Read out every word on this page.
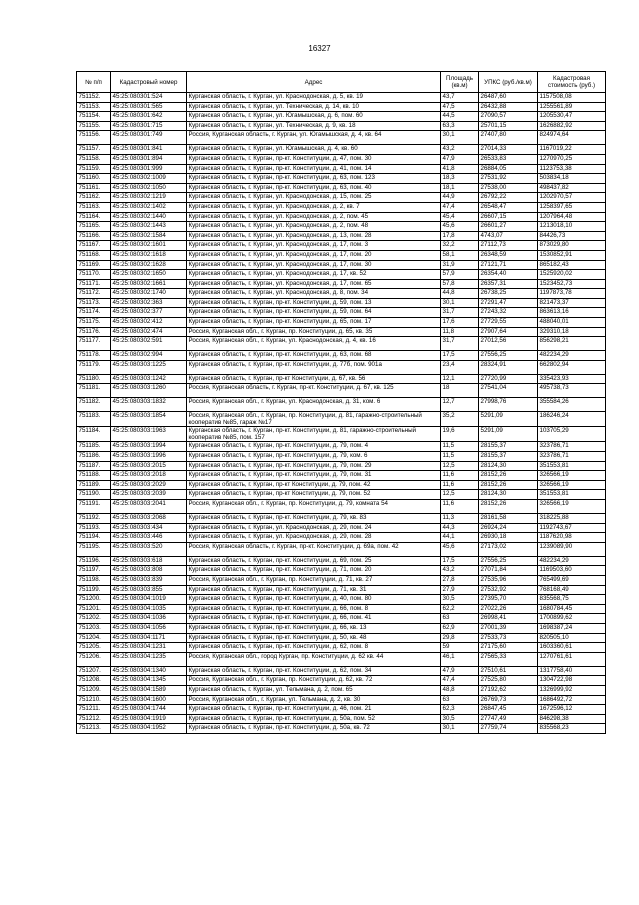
16327
№ п/п	Кадастровый номер	Адрес	Площадь (кв.м)	УПКС (руб./кв.м)	Кадастровая стоимость (руб.)
751152.	45:25:080301:524	Курганская область, г. Курган, ул. Краснодонская, д. 5, кв. 19	43,7	26487,60	1157508,08
751153.	45:25:080301:565	Курганская область, г. Курган, ул. Техническая, д. 14, кв. 10	47,5	26432,88	1255561,89
751154.	45:25:080301:642	Курганская область, г. Курган, ул. Югамышская, д. 6, пом. 60	44,5	27090,57	1205530,47
751155.	45:25:080301:715	Курганская область, г. Курган, ул. Техническая, д. 9, кв. 18	63,3	25701,15	1626882,92
751156.	45:25:080301:749	Россия, Курганская область, г. Курган, ул. Югамышская, д. 4, кв. 64	30,1	27407,80	824974,64
751157.	45:25:080301:841	Курганская область, г. Курган, ул. Югамышская, д. 4, кв. 60	43,2	27014,33	1167019,22
751158.	45:25:080301:894	Курганская область, г. Курган, пр-кт. Конституции, д. 47, пом. 30	47,9	26533,83	1270970,25
751159.	45:25:080301:999	Курганская область, г. Курган, пр-кт. Конституции, д. 41, пом. 14	41,8	26884,05	1123753,38
751160.	45:25:080302:1009	Курганская область, г. Курган, пр-кт. Конституции, д. 63, пом. 123	18,3	27531,92	503834,18
751161.	45:25:080302:1050	Курганская область, г. Курган, пр-кт. Конституции, д. 63, пом. 40	18,1	27538,00	498437,82
751162.	45:25:080302:1219	Курганская область, г. Курган, ул. Краснодонская, д. 15, пом. 25	44,9	26792,22	1202970,57
751163.	45:25:080302:1402	Курганская область, г. Курган, ул. Краснодонская, д. 2, кв. 7	47,4	26548,47	1258397,65
751164.	45:25:080302:1440	Курганская область, г. Курган, ул. Краснодонская, д. 2, пом. 45	45,4	26607,15	1207964,48
751165.	45:25:080302:1443	Курганская область, г. Курган, ул. Краснодонская, д. 2, пом. 48	45,6	26601,27	1213018,10
751166.	45:25:080302:1584	Курганская область, г. Курган, ул. Краснодонская, д. 13, пом. 28	17,8	4743,07	84426,73
751167.	45:25:080302:1601	Курганская область, г. Курган, ул. Краснодонская, д. 17, пом. 3	32,2	27112,73	873029,80
751168.	45:25:080302:1618	Курганская область, г. Курган, ул. Краснодонская, д. 17, пом. 20	58,1	26348,59	1530852,91
751169.	45:25:080302:1628	Курганская область, г. Курган, ул. Краснодонская, д. 17, пом. 30	31,9	27121,71	865182,43
751170.	45:25:080302:1650	Курганская область, г. Курган, ул. Краснодонская, д. 17, кв. 52	57,9	26354,40	1525920,02
751171.	45:25:080302:1661	Курганская область, г. Курган, ул. Краснодонская, д. 17, пом. 65	57,8	26357,31	1523452,73
751172.	45:25:080302:1740	Курганская область, г. Курган, ул. Краснодонская, д. 8, пом. 34	44,8	26738,25	1197873,78
751173.	45:25:080302:363	Курганская область, г. Курган, пр-кт. Конституции, д. 59, пом. 13	30,1	27291,47	821473,37
751174.	45:25:080302:377	Курганская область, г. Курган, пр-кт. Конституции, д. 59, пом. 64	31,7	27243,32	863613,16
751175.	45:25:080302:412	Курганская область, г. Курган, пр-кт. Конституции, д. 65, пом. 17	17,6	27729,55	488040,01
751176.	45:25:080302:474	Россия, Курганская обл., г. Курган, пр. Конституции, д. 65, кв. 35	11,8	27907,64	329310,18
751177.	45:25:080302:591	Россия, Курганская обл., г. Курган, ул. Краснодонская, д. 4, кв. 16	31,7	27012,56	856298,21
751178.	45:25:080302:994	Курганская область, г. Курган, пр-кт. Конституции, д. 63, пом. 68	17,5	27556,25	482234,29
751179.	45:25:080303:1225	Курганская область, г. Курган, пр-кт. Конституции, д. 77б, пом. 901а	23,4	28324,91	662802,94
751180.	45:25:080303:1242	Курганская область, г. Курган, пр-кт Конституции, д. 67, кв. 56	12,1	27720,99	335423,93
751181.	45:25:080303:1260	Россия, Курганская область, г. Курган, пр-кт. Конституции, д. 67, кв. 125	18	27541,04	495738,73
751182.	45:25:080303:1832	Россия, Курганская обл., г. Курган, ул. Краснодонская, д. 31, ком. 6	12,7	27998,76	355584,26
751183.	45:25:080303:1854	Россия, Курганская обл., г. Курган, пр. Конституции, д. 81, гаражно-строительный кооператив №85, гараж №17	35,2	5291,09	186246,24
751184.	45:25:080303:1963	Курганская область, г. Курган, пр-кт. Конституции, д. 81, гаражно-строительный кооператив №85, пом. 157	19,6	5291,09	103705,29
751185.	45:25:080303:1994	Курганская область, г. Курган, пр-кт. Конституции, д. 79, пом. 4	11,5	28155,37	323786,71
751186.	45:25:080303:1996	Курганская область, г. Курган, пр-кт. Конституции, д. 79, ком. 6	11,5	28155,37	323786,71
751187.	45:25:080303:2015	Курганская область, г. Курган, пр-кт. Конституции, д. 79, пом. 29	12,5	28124,30	351553,81
751188.	45:25:080303:2018	Курганская область, г. Курган, пр-кт. Конституции, д. 79, пом. 31	11,6	28152,26	326566,19
751189.	45:25:080303:2029	Курганская область, г. Курган, пр-кт Конституции, д. 79, пом. 42	11,6	28152,26	326566,19
751190.	45:25:080303:2039	Курганская область, г. Курган, пр-кт Конституции, д. 79, пом. 52	12,5	28124,30	351553,81
751191.	45:25:080303:2041	Россия, Курганская обл., г. Курган, пр. Конституции, д. 79, комната 54	11,6	28152,26	326566,19
751192.	45:25:080303:2068	Курганская область, г. Курган, пр-кт. Конституции, д. 79, кв. 83	11,3	28161,58	318225,88
751193.	45:25:080303:434	Курганская область, г. Курган, ул. Краснодонская, д. 29, пом. 24	44,3	26924,24	1192743,67
751194.	45:25:080303:446	Курганская область, г. Курган, ул. Краснодонская, д. 29, пом. 28	44,1	26930,18	1187620,98
751195.	45:25:080303:520	Россия, Курганская область, г. Курган, пр-кт. Конституции, д. 69а, пом. 42	45,6	27173,02	1239089,90
751196.	45:25:080303:618	Курганская область, г. Курган, пр-кт. Конституции, д. 69, пом. 25	17,5	27556,25	482234,29
751197.	45:25:080303:808	Курганская область, г. Курган, пр-кт. Конституции, д. 71, пом. 20	43,2	27071,84	1169503,60
751198.	45:25:080303:839	Россия, Курганская обл., г. Курган, пр. Конституции, д. 71, кв. 27	27,8	27535,96	765499,69
751199.	45:25:080303:855	Курганская область, г. Курган, пр-кт. Конституции, д. 71, кв. 31	27,9	27532,92	768168,49
751200.	45:25:080304:1019	Курганская область, г. Курган, пр-кт. Конституции, д. 40, пом. 80	30,5	27395,70	835568,75
751201.	45:25:080304:1035	Курганская область, г. Курган, пр-кт. Конституции, д. 66, пом. 8	62,2	27022,26	1680784,45
751202.	45:25:080304:1036	Курганская область, г. Курган, пр-кт. Конституции, д. 66, пом. 41	63	26998,41	1700899,62
751203.	45:25:080304:1056	Курганская область, г. Курган, пр-кт. Конституции, д. 66, кв. 13	62,9	27001,39	1698387,24
751204.	45:25:080304:1171	Курганская область, г. Курган, пр-кт. Конституции, д. 50, кв. 48	29,8	27533,73	820505,10
751205.	45:25:080304:1231	Курганская область, г. Курган, пр-кт. Конституции, д. 62, пом. 8	59	27175,60	1603360,61
751206.	45:25:080304:1235	Россия, Курганская обл., город Курган, пр. Конституции, д. 62 кв. 44	46,1	27565,33	1270761,61
751207.	45:25:080304:1340	Курганская область, г. Курган, пр-кт. Конституции, д. 62, пом. 34	47,9	27510,61	1317758,40
751208.	45:25:080304:1345	Россия, Курганская обл., г. Курган, пр. Конституции, д. 62, кв. 72	47,4	27525,80	1304722,98
751209.	45:25:080304:1589	Курганская область, г. Курган, ул. Тельмана, д. 2, пом. 65	48,8	27192,62	1326999,92
751210.	45:25:080304:1600	Россия, Курганская обл., г. Курган, ул. Тельмана, д. 2, кв. 30	63	26769,73	1686492,72
751211.	45:25:080304:1744	Курганская область, г. Курган, пр-кт. Конституции, д. 46, пом. 21	62,3	26847,45	1672596,12
751212.	45:25:080304:1919	Курганская область, г. Курган, пр-кт. Конституции, д. 50а, пом. 52	30,5	27747,49	846298,38
751213.	45:25:080304:1952	Курганская область, г. Курган, пр-кт. Конституции, д. 50а, кв. 72	30,1	27759,74	835568,23
